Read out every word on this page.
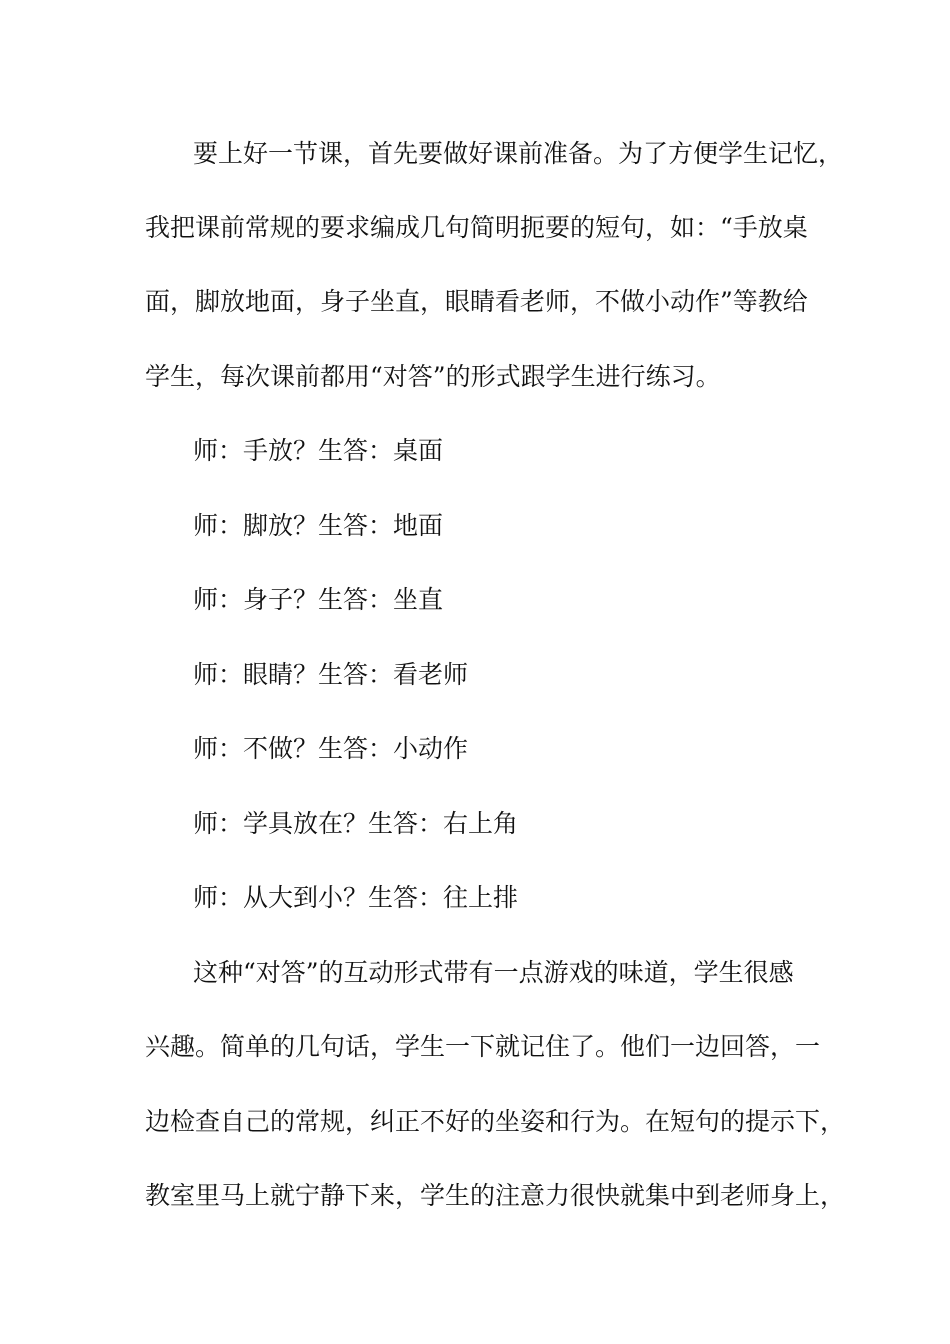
要上好一节课，首先要做好课前准备。为了方便学生记忆，
我把课前常规的要求编成几句简明扼要的短句，如：“手放桌
面，脚放地面，身子坐直，眼睛看老师，不做小动作”等教给
学生，每次课前都用“对答”的形式跟学生进行练习。
师：手放？生答：桌面
师：脚放？生答：地面
师：身子？生答：坐直
师：眼睛？生答：看老师
师：不做？生答：小动作
师：学具放在？生答：右上角
师：从大到小？生答：往上排
这种“对答”的互动形式带有一点游戏的味道，学生很感
兴趣。简单的几句话，学生一下就记住了。他们一边回答，一
边检查自己的常规，纠正不好的坐姿和行为。在短句的提示下，
教室里马上就宁静下来，学生的注意力很快就集中到老师身上，
